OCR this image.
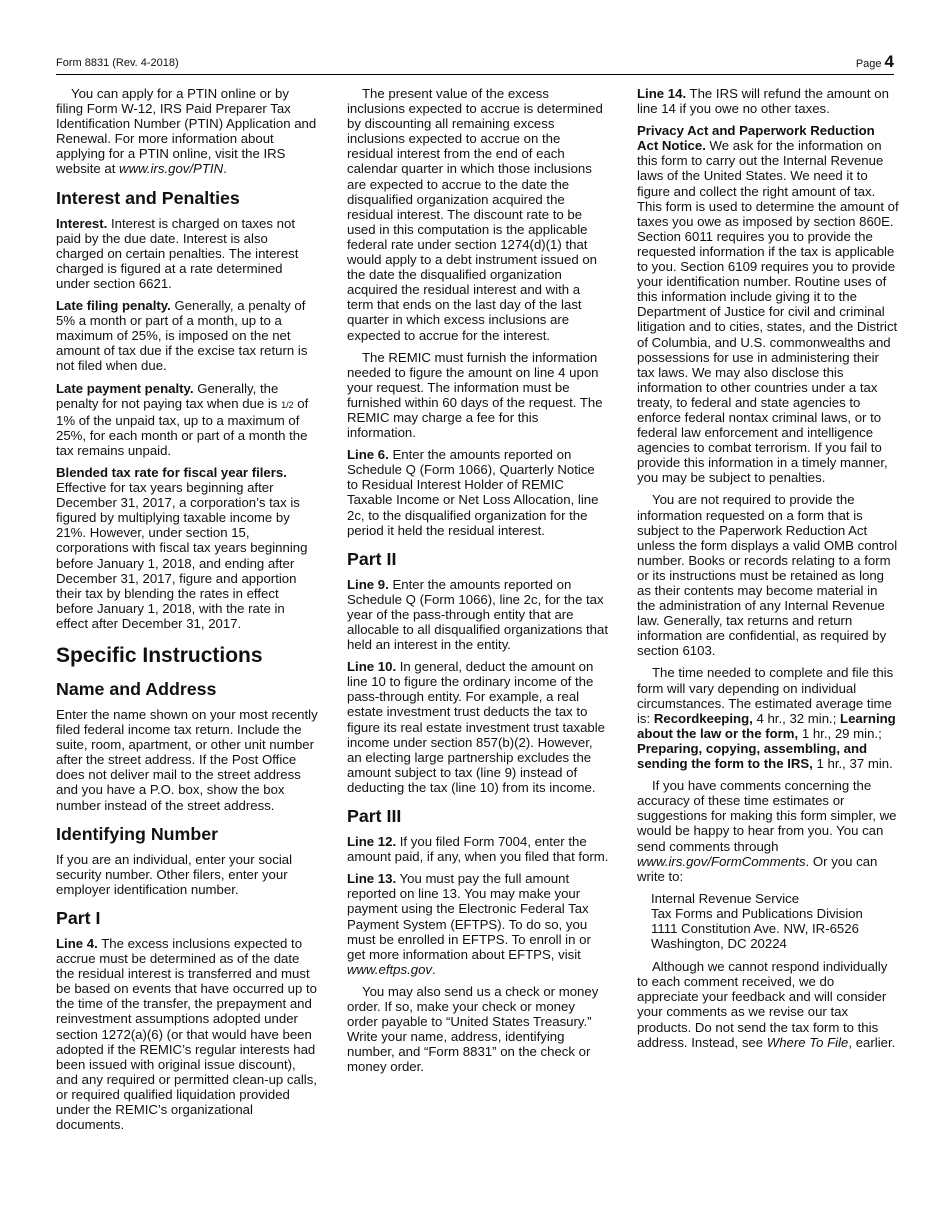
Form 8831 (Rev. 4-2018)	Page 4

You can apply for a PTIN online or by filing Form W-12, IRS Paid Preparer Tax Identification Number (PTIN) Application and Renewal. For more information about applying for a PTIN online, visit the IRS website at www.irs.gov/PTIN.

Interest and Penalties

Interest. Interest is charged on taxes not paid by the due date. Interest is also charged on certain penalties. The interest charged is figured at a rate determined under section 6621.

Late filing penalty. Generally, a penalty of 5% a month or part of a month, up to a maximum of 25%, is imposed on the net amount of tax due if the excise tax return is not filed when due.

Late payment penalty. Generally, the penalty for not paying tax when due is 1/2 of 1% of the unpaid tax, up to a maximum of 25%, for each month or part of a month the tax remains unpaid.

Blended tax rate for fiscal year filers. Effective for tax years beginning after December 31, 2017, a corporation’s tax is figured by multiplying taxable income by 21%. However, under section 15, corporations with fiscal tax years beginning before January 1, 2018, and ending after December 31, 2017, figure and apportion their tax by blending the rates in effect before January 1, 2018, with the rate in effect after December 31, 2017.

Specific Instructions
Name and Address

Enter the name shown on your most recently filed federal income tax return. Include the suite, room, apartment, or other unit number after the street address. If the Post Office does not deliver mail to the street address and you have a P.O. box, show the box number instead of the street address.

Identifying Number

If you are an individual, enter your social security number. Other filers, enter your employer identification number.

Part I

Line 4. The excess inclusions expected to accrue must be determined as of the date the residual interest is transferred and must be based on events that have occurred up to the time of the transfer, the prepayment and reinvestment assumptions adopted under section 1272(a)(6) (or that would have been adopted if the REMIC’s regular interests had been issued with original issue discount), and any required or permitted clean-up calls, or required qualified liquidation provided under the REMIC’s organizational documents.

The present value of the excess inclusions expected to accrue is determined by discounting all remaining excess inclusions expected to accrue on the residual interest from the end of each calendar quarter in which those inclusions are expected to accrue to the date the disqualified organization acquired the residual interest. The discount rate to be used in this computation is the applicable federal rate under section 1274(d)(1) that would apply to a debt instrument issued on the date the disqualified organization acquired the residual interest and with a term that ends on the last day of the last quarter in which excess inclusions are expected to accrue for the interest.

The REMIC must furnish the information needed to figure the amount on line 4 upon your request. The information must be furnished within 60 days of the request. The REMIC may charge a fee for this information.

Line 6. Enter the amounts reported on Schedule Q (Form 1066), Quarterly Notice to Residual Interest Holder of REMIC Taxable Income or Net Loss Allocation, line 2c, to the disqualified organization for the period it held the residual interest.

Part II

Line 9. Enter the amounts reported on Schedule Q (Form 1066), line 2c, for the tax year of the pass-through entity that are allocable to all disqualified organizations that held an interest in the entity.

Line 10. In general, deduct the amount on line 10 to figure the ordinary income of the pass-through entity. For example, a real estate investment trust deducts the tax to figure its real estate investment trust taxable income under section 857(b)(2). However, an electing large partnership excludes the amount subject to tax (line 9) instead of deducting the tax (line 10) from its income.

Part III

Line 12. If you filed Form 7004, enter the amount paid, if any, when you filed that form.

Line 13. You must pay the full amount reported on line 13. You may make your payment using the Electronic Federal Tax Payment System (EFTPS). To do so, you must be enrolled in EFTPS. To enroll in or get more information about EFTPS, visit www.eftps.gov.

You may also send us a check or money order. If so, make your check or money order payable to “United States Treasury.” Write your name, address, identifying number, and “Form 8831” on the check or money order.

Line 14. The IRS will refund the amount on line 14 if you owe no other taxes.

Privacy Act and Paperwork Reduction Act Notice. We ask for the information on this form to carry out the Internal Revenue laws of the United States. We need it to figure and collect the right amount of tax. This form is used to determine the amount of taxes you owe as imposed by section 860E. Section 6011 requires you to provide the requested information if the tax is applicable to you. Section 6109 requires you to provide your identification number. Routine uses of this information include giving it to the Department of Justice for civil and criminal litigation and to cities, states, and the District of Columbia, and U.S. commonwealths and possessions for use in administering their tax laws. We may also disclose this information to other countries under a tax treaty, to federal and state agencies to enforce federal nontax criminal laws, or to federal law enforcement and intelligence agencies to combat terrorism. If you fail to provide this information in a timely manner, you may be subject to penalties.

You are not required to provide the information requested on a form that is subject to the Paperwork Reduction Act unless the form displays a valid OMB control number. Books or records relating to a form or its instructions must be retained as long as their contents may become material in the administration of any Internal Revenue law. Generally, tax returns and return information are confidential, as required by section 6103.

The time needed to complete and file this form will vary depending on individual circumstances. The estimated average time is: Recordkeeping, 4 hr., 32 min.; Learning about the law or the form, 1 hr., 29 min.; Preparing, copying, assembling, and sending the form to the IRS, 1 hr., 37 min.

If you have comments concerning the accuracy of these time estimates or suggestions for making this form simpler, we would be happy to hear from you. You can send comments through www.irs.gov/FormComments. Or you can write to:

Internal Revenue Service
Tax Forms and Publications Division
1111 Constitution Ave. NW, IR-6526
Washington, DC 20224

Although we cannot respond individually to each comment received, we do appreciate your feedback and will consider your comments as we revise our tax products. Do not send the tax form to this address. Instead, see Where To File, earlier.
